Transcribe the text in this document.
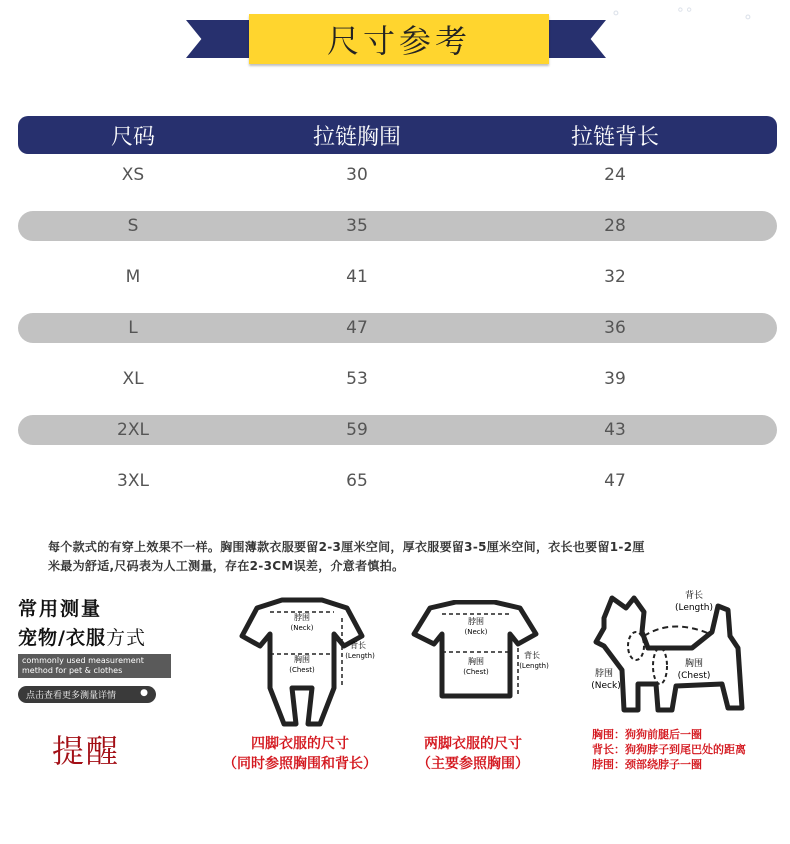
尺寸参考
⚬	∘∘	⚬
尺码	拉链胸围	拉链背长
XS	30	24
S	35	28
M	41	32
L	47	36
XL	53	39
2XL	59	43
3XL	65	47
每个款式的有穿上效果不一样。胸围薄款衣服要留2-3厘米空间，厚衣服要留3-5厘米空间，衣长也要留1-2厘
米最为舒适,尺码表为人工测量，存在2-3CM误差，介意者慎拍。
常用测量
宠物/衣服方式
commonly used measurement
method for pet & clothes
点击查看更多测量详情	●
提醒
脖围
(Neck)
胸围
(Chest)
背长
(Length)
四脚衣服的尺寸
（同时参照胸围和背长）
脖围
(Neck)
胸围
(Chest)
背长
(Length)
两脚衣服的尺寸
（主要参照胸围）
背长
(Length)
脖围
(Neck)
胸围
(Chest)
胸围：狗狗前腿后一圈
背长：狗狗脖子到尾巴处的距离
脖围：颈部绕脖子一圈
